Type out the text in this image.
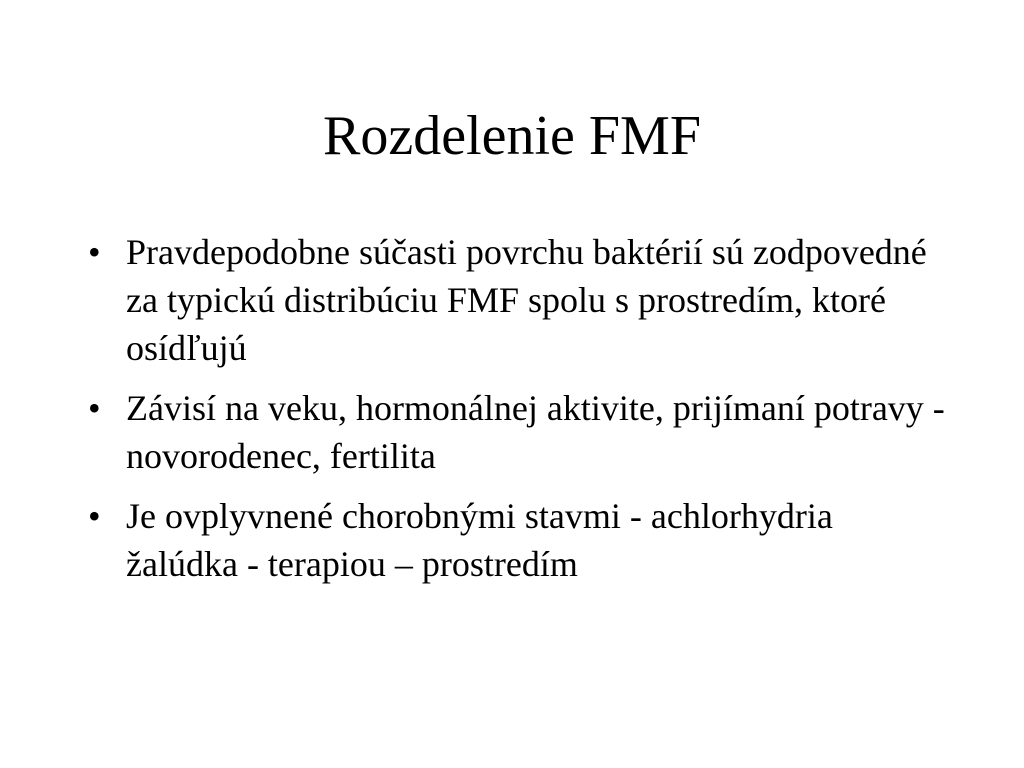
Rozdelenie FMF
• Pravdepodobne súčasti povrchu baktérií sú zodpovedné za typickú distribúciu FMF spolu s prostredím, ktoré osídľujú
• Závisí na veku, hormonálnej aktivite, prijímaní potravy - novorodenec, fertilita
• Je ovplyvnené chorobnými stavmi - achlorhydria žalúdka - terapiou – prostredím
